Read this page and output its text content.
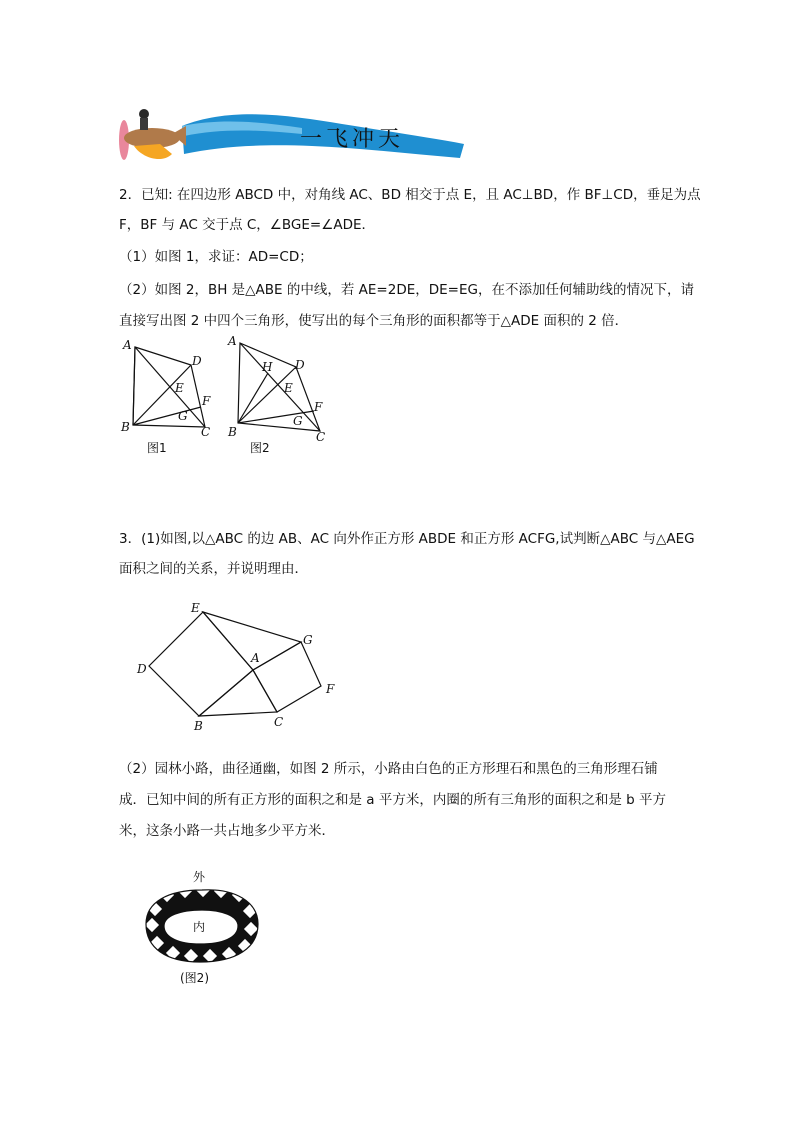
一飞冲天
2．已知: 在四边形 ABCD 中，对角线 AC、BD 相交于点 E，且 AC⊥BD，作 BF⊥CD，垂足为点
F，BF 与 AC 交于点 C，∠BGE=∠ADE．
（1）如图 1，求证：AD=CD；
（2）如图 2，BH 是△ABE 的中线，若 AE=2DE，DE=EG，在不添加任何辅助线的情况下，请
直接写出图 2 中四个三角形，使写出的每个三角形的面积都等于△ADE 面积的 2 倍．
A
D
E
F
G
B	C
图1
A
H D
E
F
G
B	C
图2
3．(1)如图,以△ABC 的边 AB、AC 向外作正方形 ABDE 和正方形 ACFG,试判断△ABC 与△AEG
面积之间的关系，并说明理由．
E
G
D
A
F
B	C
（2）园林小路，曲径通幽，如图 2 所示，小路由白色的正方形理石和黑色的三角形理石铺
成．已知中间的所有正方形的面积之和是 a 平方米，内圈的所有三角形的面积之和是 b 平方
米，这条小路一共占地多少平方米．
外
内
(图2)
